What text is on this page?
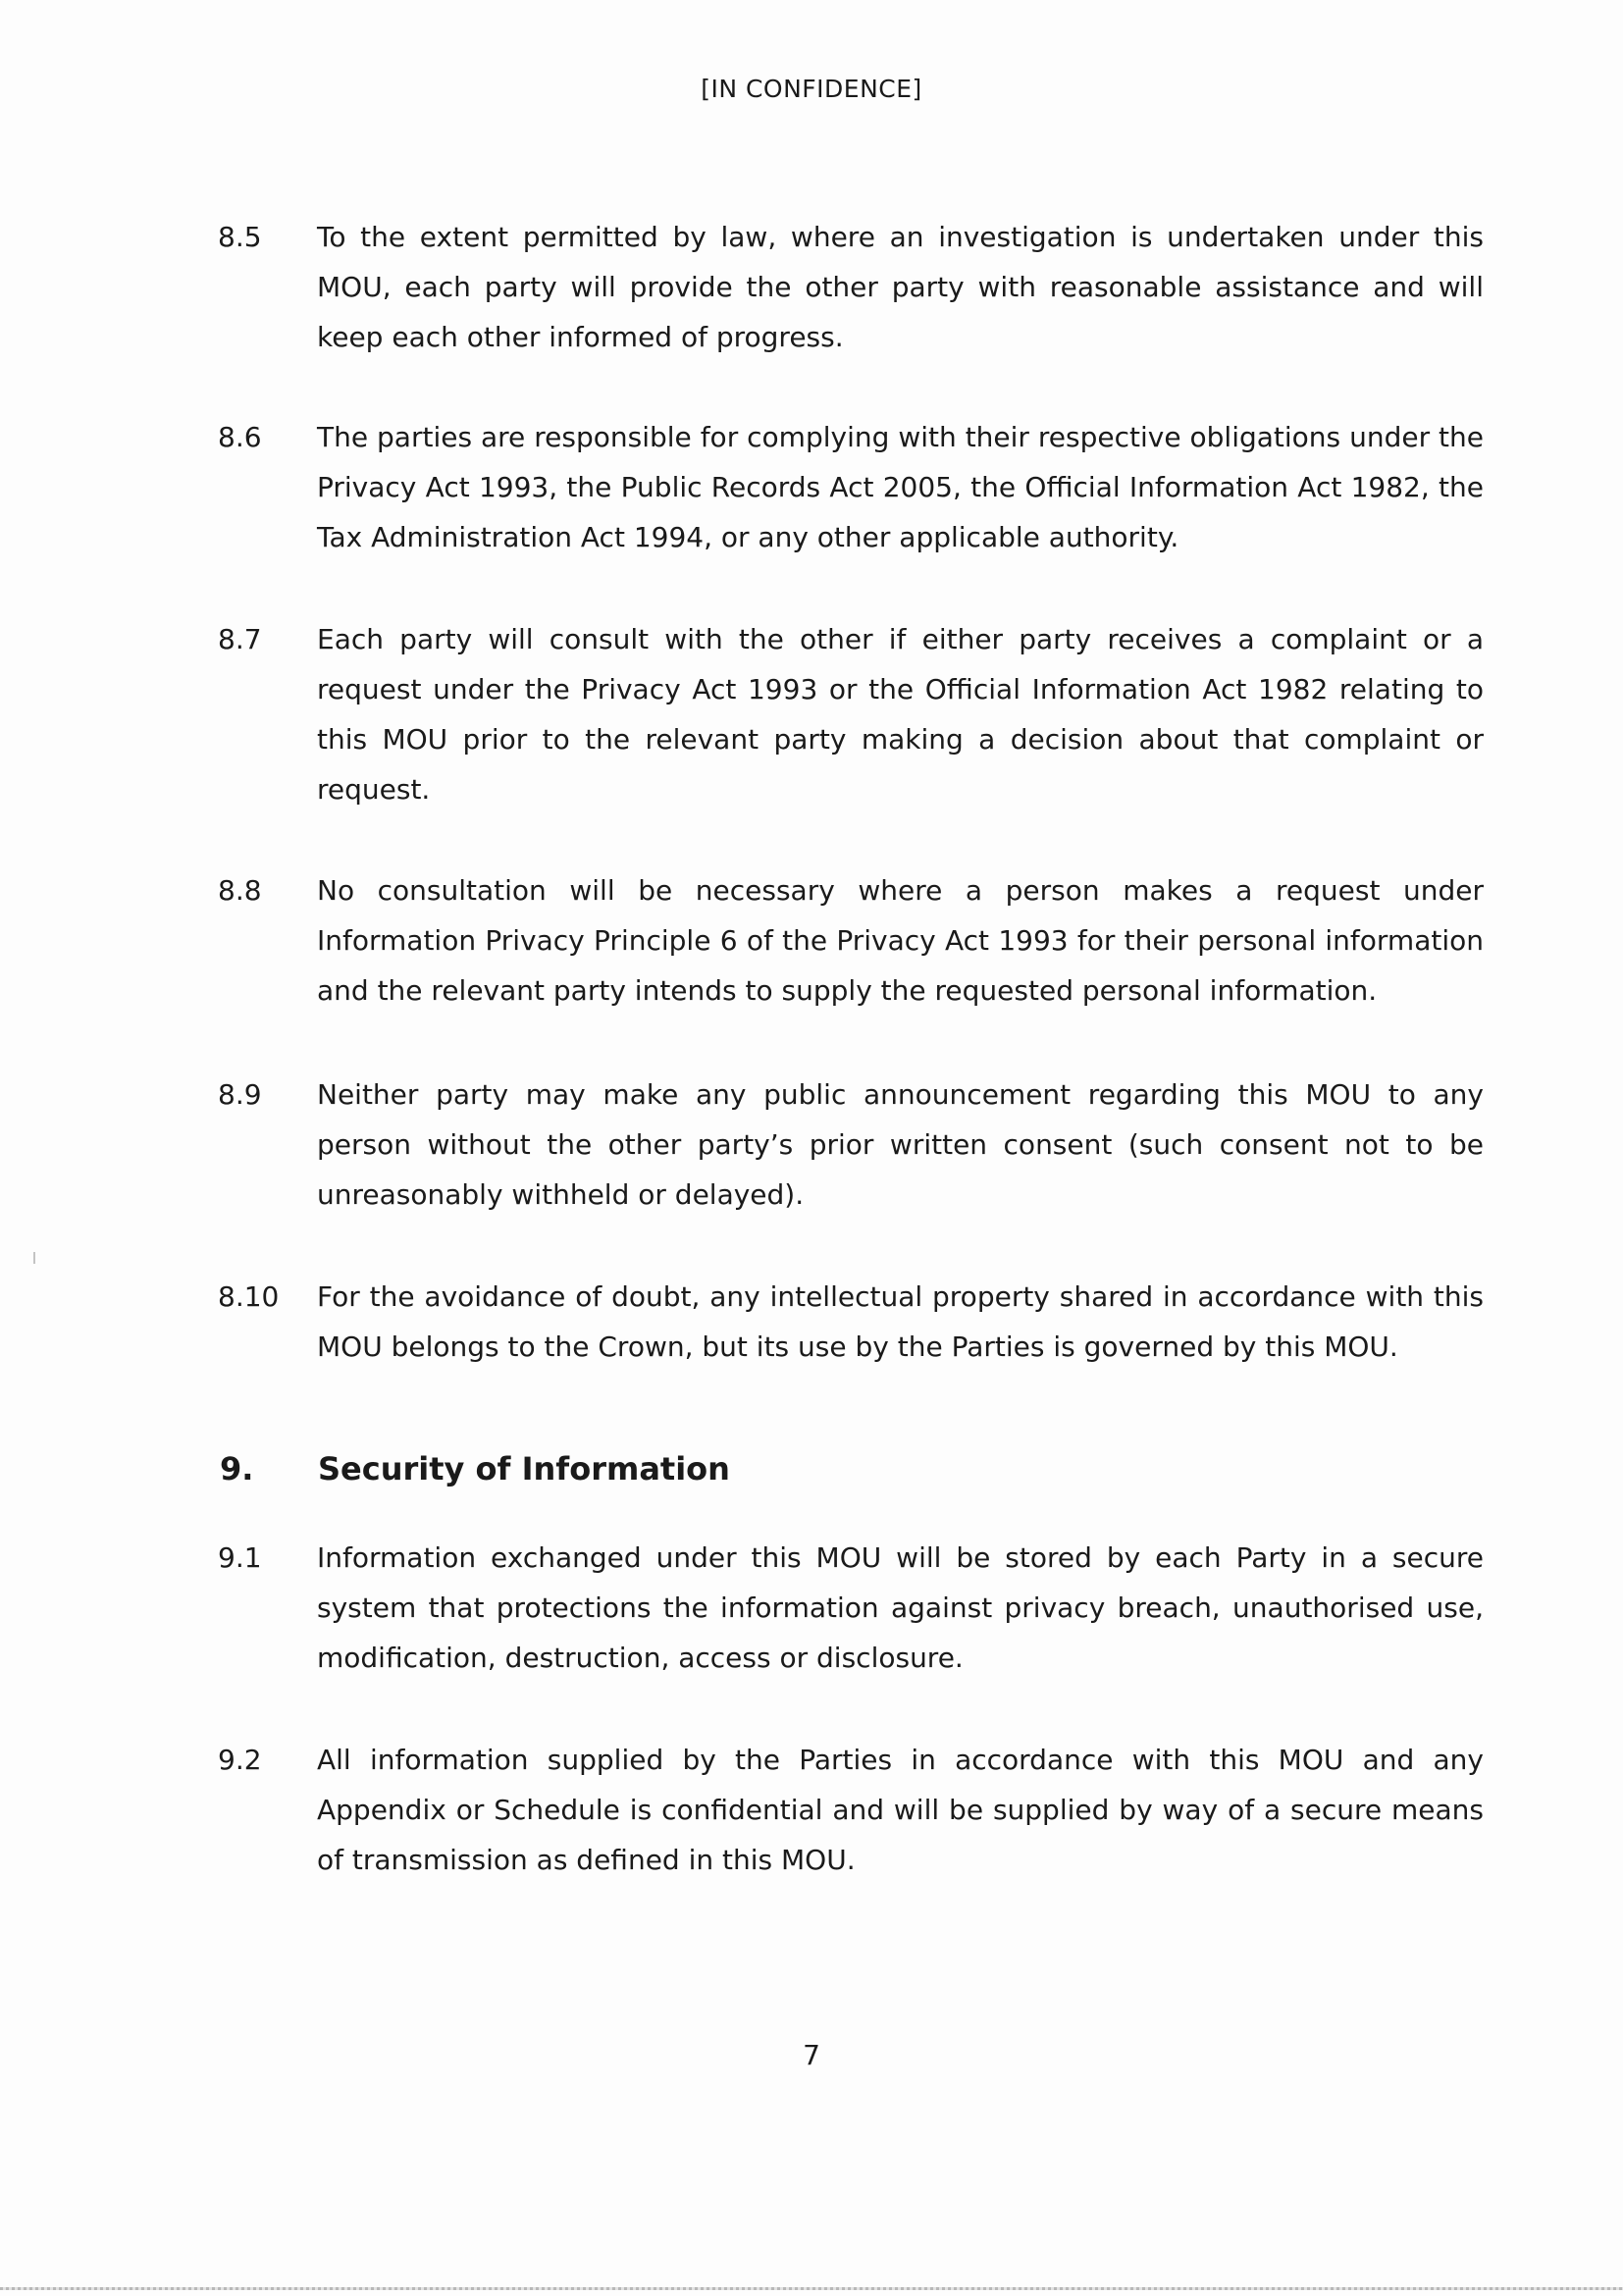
[IN CONFIDENCE]
8.5	To the extent permitted by law, where an investigation is undertaken under this MOU, each party will provide the other party with reasonable assistance and will keep each other informed of progress.
8.6	The parties are responsible for complying with their respective obligations under the Privacy Act 1993, the Public Records Act 2005, the Official Information Act 1982, the Tax Administration Act 1994, or any other applicable authority.
8.7	Each party will consult with the other if either party receives a complaint or a request under the Privacy Act 1993 or the Official Information Act 1982 relating to this MOU prior to the relevant party making a decision about that complaint or request.
8.8	No consultation will be necessary where a person makes a request under Information Privacy Principle 6 of the Privacy Act 1993 for their personal information and the relevant party intends to supply the requested personal information.
8.9	Neither party may make any public announcement regarding this MOU to any person without the other party’s prior written consent (such consent not to be unreasonably withheld or delayed).
8.10	For the avoidance of doubt, any intellectual property shared in accordance with this MOU belongs to the Crown, but its use by the Parties is governed by this MOU.
9.	Security of Information
9.1	Information exchanged under this MOU will be stored by each Party in a secure system that protections the information against privacy breach, unauthorised use, modification, destruction, access or disclosure.
9.2	All information supplied by the Parties in accordance with this MOU and any Appendix or Schedule is confidential and will be supplied by way of a secure means of transmission as defined in this MOU.
7
